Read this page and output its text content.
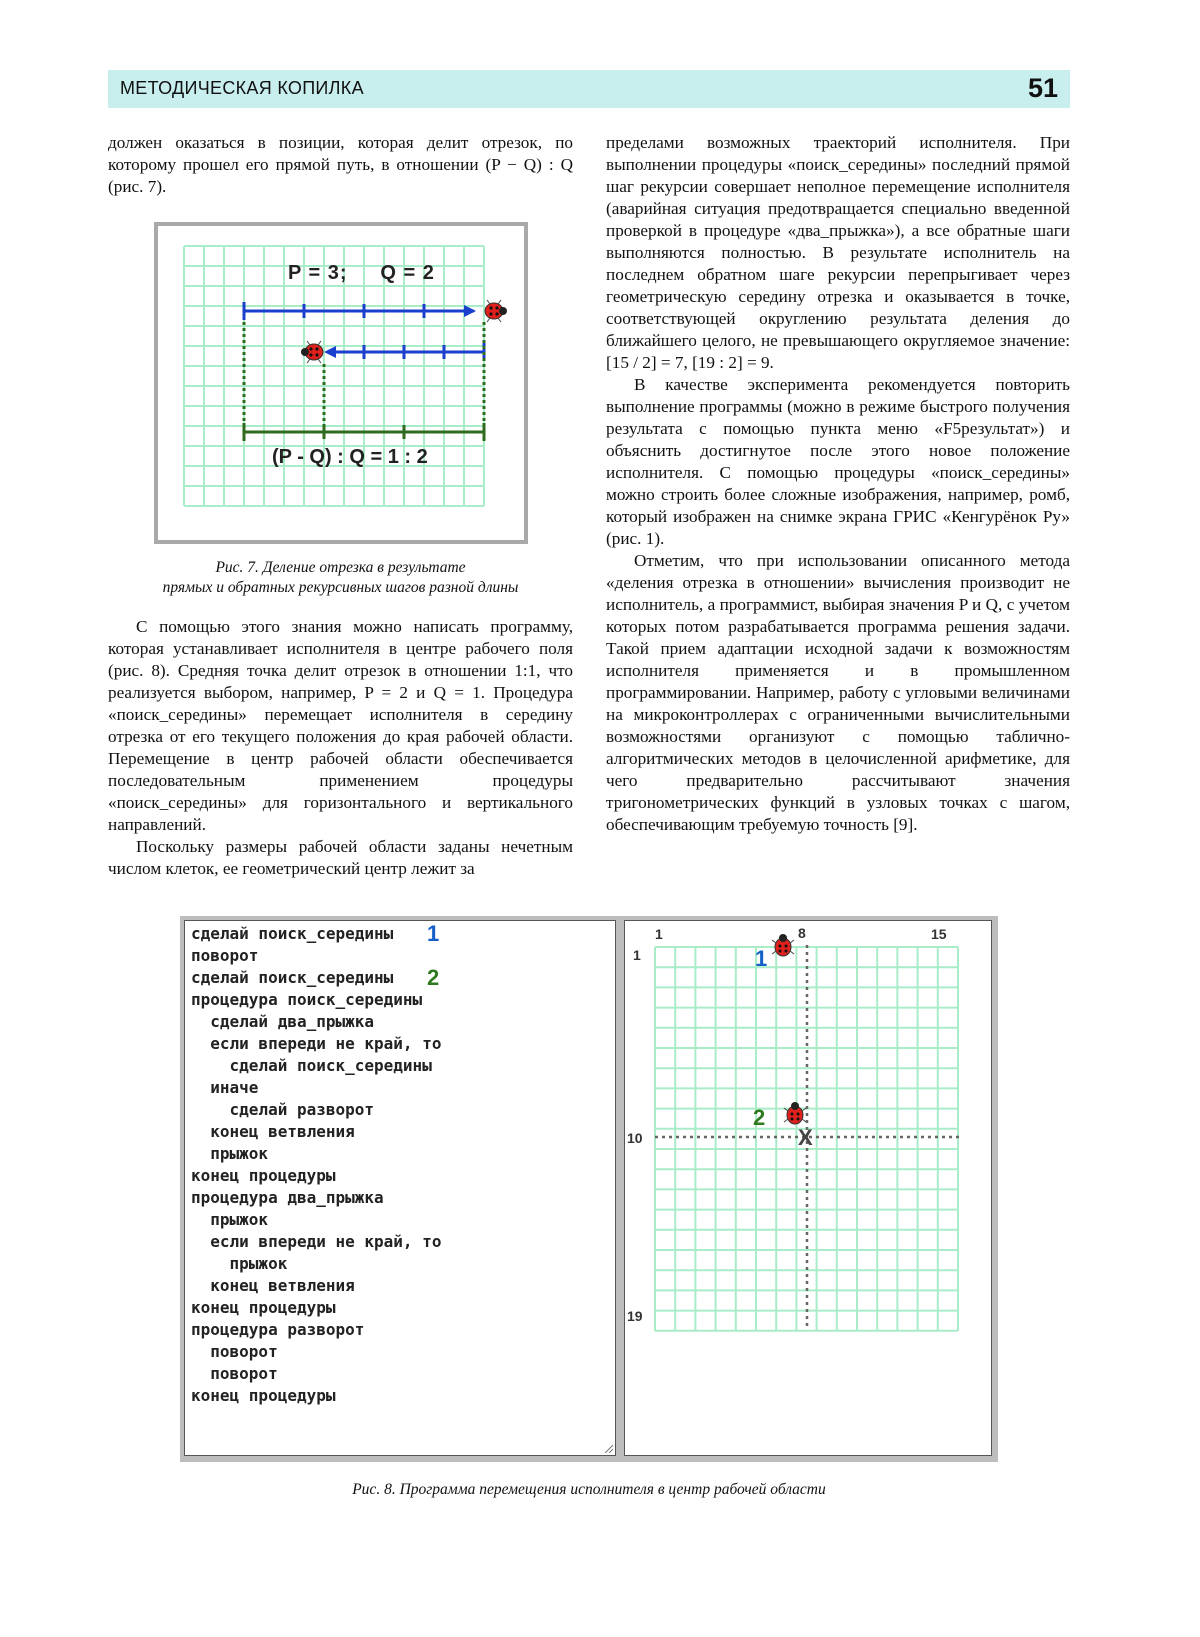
МЕТОДИЧЕСКАЯ КОПИЛКА	51

должен оказаться в позиции, которая делит отрезок, по которому прошел его прямой путь, в отношении (P − Q) : Q (рис. 7).

P = 3;     Q = 2
(P - Q) : Q = 1 : 2
Рис. 7. Деление отрезка в результате
прямых и обратных рекурсивных шагов разной длины

С помощью этого знания можно написать программу, которая устанавливает исполнителя в центре рабочего поля (рис. 8). Средняя точка делит отрезок в отношении 1:1, что реализуется выбором, например, P = 2 и Q = 1. Процедура «поиск_середины» перемещает исполнителя в середину отрезка от его текущего положения до края рабочей области. Перемещение в центр рабочей области обеспечивается последовательным применением процедуры «поиск_середины» для горизонтального и вертикального направлений.

Поскольку размеры рабочей области заданы нечетным числом клеток, ее геометрический центр лежит за

пределами возможных траекторий исполнителя. При выполнении процедуры «поиск_середины» последний прямой шаг рекурсии совершает неполное перемещение исполнителя (аварийная ситуация предотвращается специально введенной проверкой в процедуре «два_прыжка»), а все обратные шаги выполняются полностью. В результате исполнитель на последнем обратном шаге рекурсии перепрыгивает через геометрическую середину отрезка и оказывается в точке, соответствующей округлению результата деления до ближайшего целого, не превышающего округляемое значение: [15 / 2] = 7, [19 : 2] = 9.

В качестве эксперимента рекомендуется повторить выполнение программы (можно в режиме быстрого получения результата с помощью пункта меню «F5результат») и объяснить достигнутое после этого новое положение исполнителя. С помощью процедуры «поиск_середины» можно строить более сложные изображения, например, ромб, который изображен на снимке экрана ГРИС «Кенгурёнок Ру» (рис. 1).

Отметим, что при использовании описанного метода «деления отрезка в отношении» вычисления производит не исполнитель, а программист, выбирая значения P и Q, с учетом которых потом разрабатывается программа решения задачи. Такой прием адаптации исходной задачи к возможностям исполнителя применяется и в промышленном программировании. Например, работу с угловыми величинами на микроконтроллерах с ограниченными вычислительными возможностями организуют с помощью таблично-алгоритмических методов в целочисленной арифметике, для чего предварительно рассчитывают значения тригонометрических функций в узловых точках с шагом, обеспечивающим требуемую точность [9].

1
2
сделай поиск_середины
поворот
сделай поиск_середины
процедура поиск_середины
сделай два_прыжка
если впереди не край, то
сделай поиск_середины
иначе
сделай разворот
конец ветвления
прыжок
конец процедуры
процедура два_прыжка
прыжок
если впереди не край, то
прыжок
конец ветвления
конец процедуры
процедура разворот
поворот
поворот
конец процедуры
1	8	15
1
10
19
1
2
X
Рис. 8. Программа перемещения исполнителя в центр рабочей области
